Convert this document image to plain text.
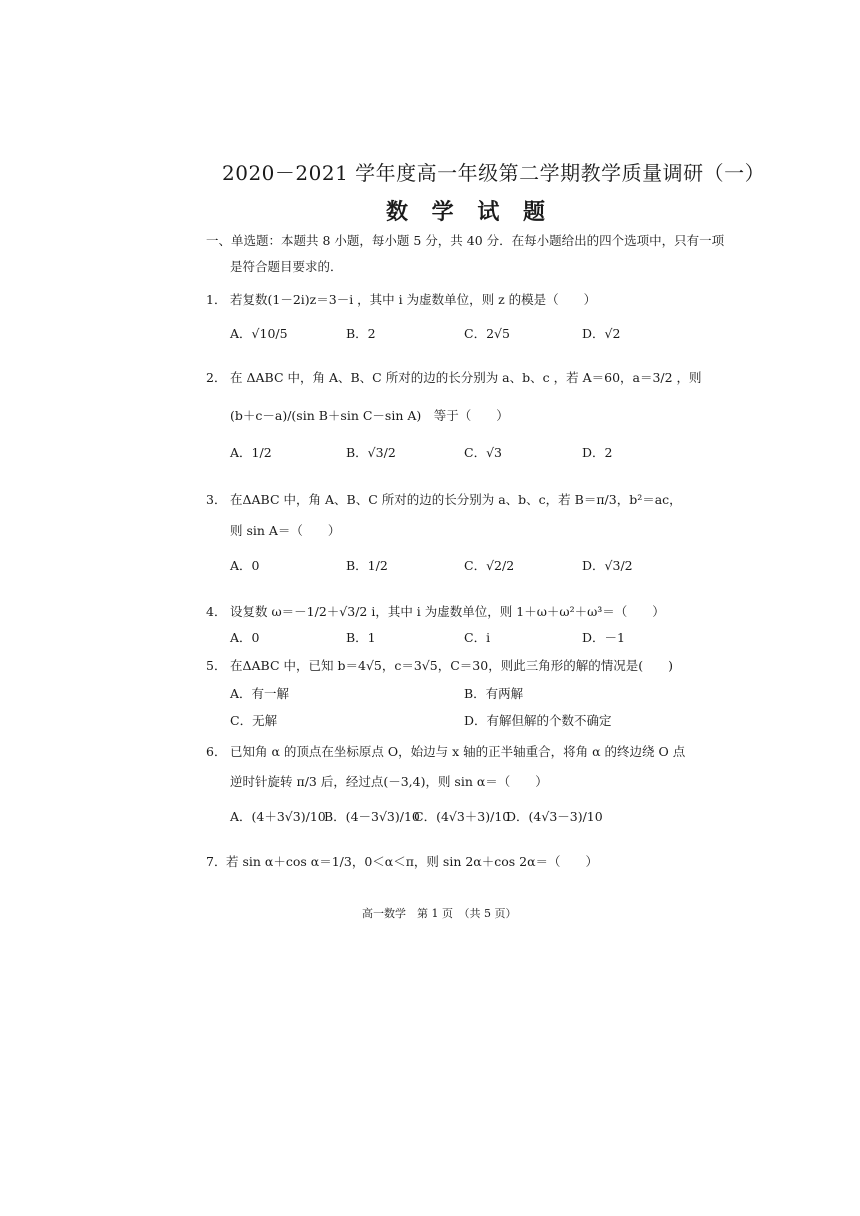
2020－2021 学年度高一年级第二学期教学质量调研（一）
数 学 试 题
一、单选题：本题共 8 小题，每小题 5 分，共 40 分．在每小题给出的四个选项中，只有一项
是符合题目要求的．
1． 若复数(1－2i)z＝3－i ，其中 i 为虚数单位，则 z 的模是（　　）
A．√10/5	B．2	C．2√5	D．√2
2． 在 ΔABC 中，角 A、B、C 所对的边的长分别为 a、b、c ，若 A＝60，a＝3/2 ，则
(b＋c－a)/(sin B＋sin C－sin A)　等于（　　）
A．1/2	B．√3/2	C．√3	D．2
3． 在ΔABC 中，角 A、B、C 所对的边的长分别为 a、b、c，若 B＝π/3，b²＝ac，
则 sin A＝（　　）
A．0	B．1/2	C．√2/2	D．√3/2
4． 设复数 ω＝－1/2＋√3/2 i，其中 i 为虚数单位，则 1＋ω＋ω²＋ω³＝（　　）
A．0	B．1	C．i	D．－1
5． 在ΔABC 中，已知 b＝4√5，c＝3√5，C＝30，则此三角形的解的情况是(　　)
A．有一解	B．有两解
C．无解	D．有解但解的个数不确定
6． 已知角 α 的顶点在坐标原点 O，始边与 x 轴的正半轴重合，将角 α 的终边绕 O 点
逆时针旋转 π/3 后，经过点(－3,4)，则 sin α＝（　　）
A．(4＋3√3)/10
B．(4－3√3)/10
C．(4√3＋3)/10
D．(4√3－3)/10
7． 若 sin α＋cos α＝1/3，0＜α＜π，则 sin 2α＋cos 2α＝（　　）
高一数学　第 1 页　（共 5 页）
